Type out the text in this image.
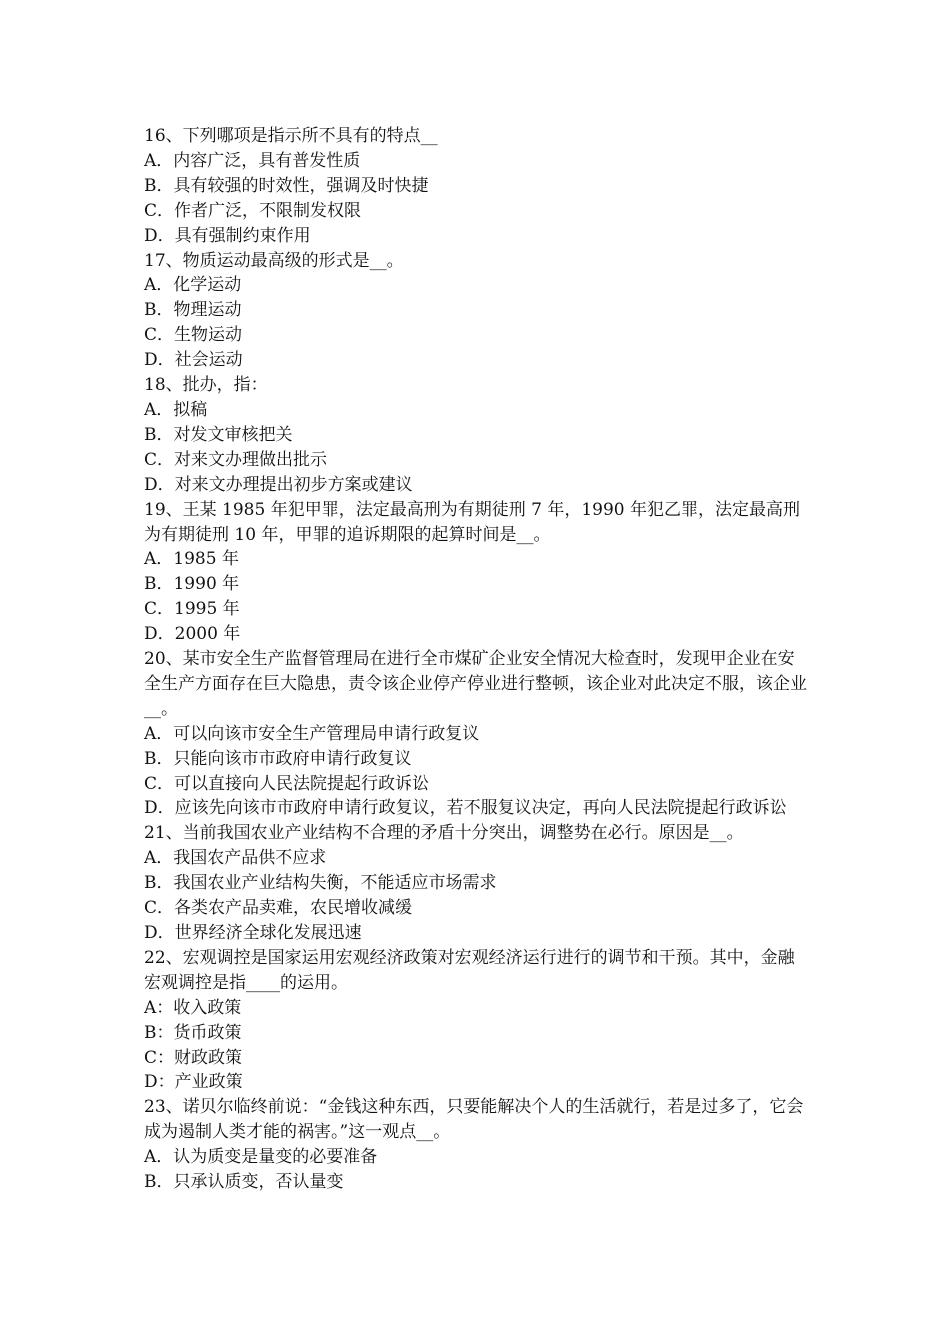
16、下列哪项是指示所不具有的特点__

A．内容广泛，具有普发性质

B．具有较强的时效性，强调及时快捷

C．作者广泛，不限制发权限

D．具有强制约束作用

17、物质运动最高级的形式是__。

A．化学运动

B．物理运动

C．生物运动

D．社会运动

18、批办，指：

A．拟稿

B．对发文审核把关

C．对来文办理做出批示

D．对来文办理提出初步方案或建议

19、王某 1985 年犯甲罪，法定最高刑为有期徒刑 7 年，1990 年犯乙罪，法定最高刑为有期徒刑 10 年，甲罪的追诉期限的起算时间是__。

A．1985 年

B．1990 年

C．1995 年

D．2000 年

20、某市安全生产监督管理局在进行全市煤矿企业安全情况大检查时，发现甲企业在安全生产方面存在巨大隐患，责令该企业停产停业进行整顿，该企业对此决定不服，该企业__。

A．可以向该市安全生产管理局申请行政复议

B．只能向该市市政府申请行政复议

C．可以直接向人民法院提起行政诉讼

D．应该先向该市市政府申请行政复议，若不服复议决定，再向人民法院提起行政诉讼

21、当前我国农业产业结构不合理的矛盾十分突出，调整势在必行。原因是__。

A．我国农产品供不应求

B．我国农业产业结构失衡，不能适应市场需求

C．各类农产品卖难，农民增收减缓

D．世界经济全球化发展迅速

22、宏观调控是国家运用宏观经济政策对宏观经济运行进行的调节和干预。其中，金融宏观调控是指____的运用。

A：收入政策

B：货币政策

C：财政政策

D：产业政策

23、诺贝尔临终前说：“金钱这种东西，只要能解决个人的生活就行，若是过多了，它会成为遏制人类才能的祸害。”这一观点__。

A．认为质变是量变的必要准备

B．只承认质变，否认量变
